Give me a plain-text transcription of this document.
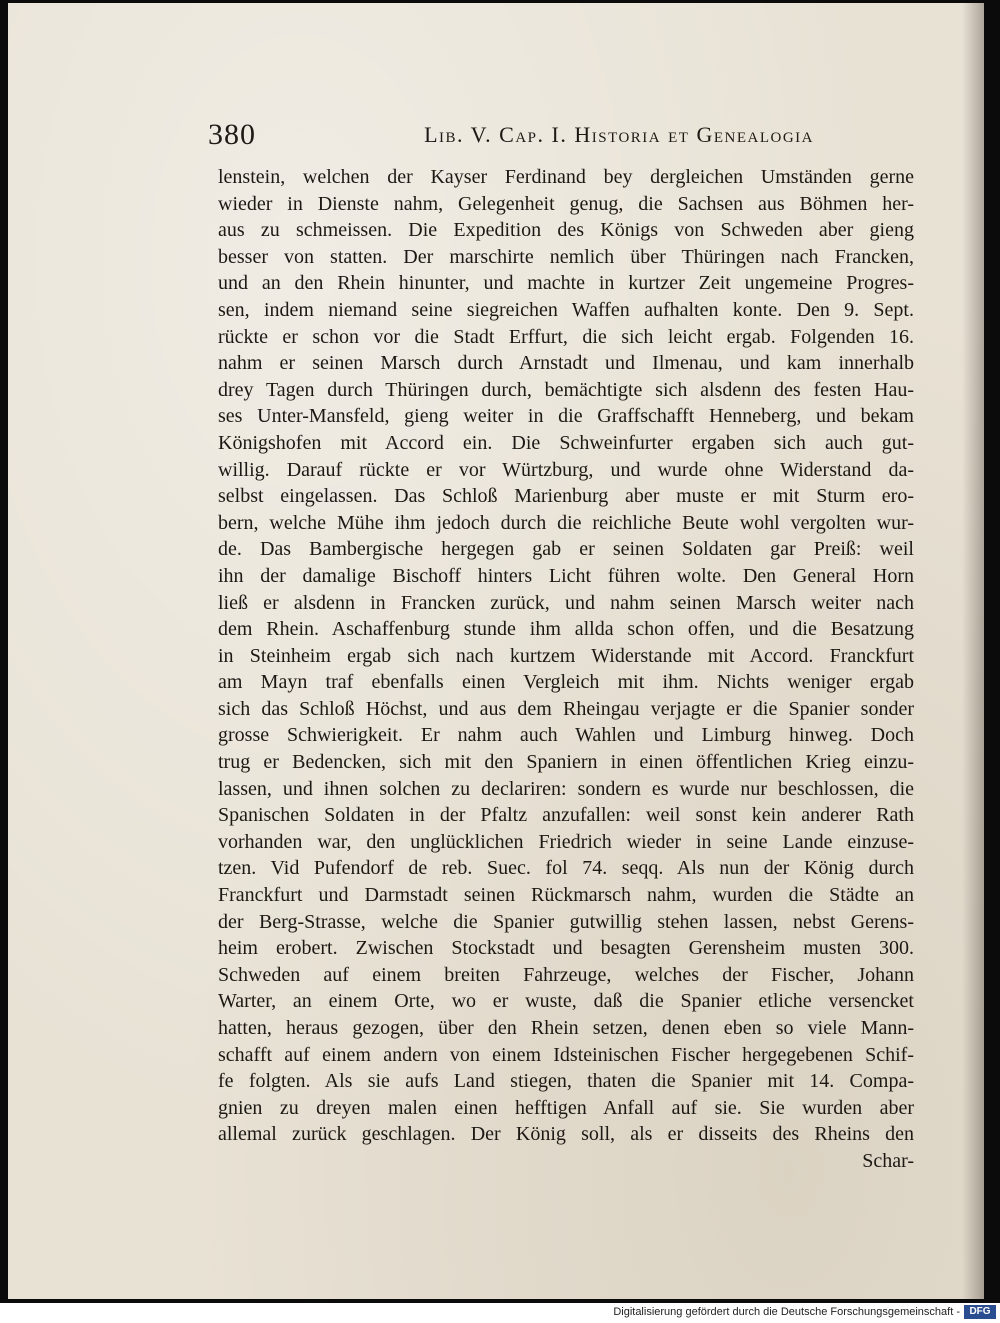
380	Lib. V. Cap. I. Historia et Genealogia
lenstein, welchen der Kayser Ferdinand bey dergleichen Umständen gerne
wieder in Dienste nahm, Gelegenheit genug, die Sachsen aus Böhmen her-
aus zu schmeissen. Die Expedition des Königs von Schweden aber gieng
besser von statten. Der marschirte nemlich über Thüringen nach Francken,
und an den Rhein hinunter, und machte in kurtzer Zeit ungemeine Progres-
sen, indem niemand seine siegreichen Waffen aufhalten konte. Den 9. Sept.
rückte er schon vor die Stadt Erffurt, die sich leicht ergab. Folgenden 16.
nahm er seinen Marsch durch Arnstadt und Ilmenau, und kam innerhalb
drey Tagen durch Thüringen durch, bemächtigte sich alsdenn des festen Hau-
ses Unter-Mansfeld, gieng weiter in die Graffschafft Henneberg, und bekam
Königshofen mit Accord ein. Die Schweinfurter ergaben sich auch gut-
willig. Darauf rückte er vor Würtzburg, und wurde ohne Widerstand da-
selbst eingelassen. Das Schloß Marienburg aber muste er mit Sturm ero-
bern, welche Mühe ihm jedoch durch die reichliche Beute wohl vergolten wur-
de. Das Bambergische hergegen gab er seinen Soldaten gar Preiß: weil
ihn der damalige Bischoff hinters Licht führen wolte. Den General Horn
ließ er alsdenn in Francken zurück, und nahm seinen Marsch weiter nach
dem Rhein. Aschaffenburg stunde ihm allda schon offen, und die Besatzung
in Steinheim ergab sich nach kurtzem Widerstande mit Accord. Franckfurt
am Mayn traf ebenfalls einen Vergleich mit ihm. Nichts weniger ergab
sich das Schloß Höchst, und aus dem Rheingau verjagte er die Spanier sonder
grosse Schwierigkeit. Er nahm auch Wahlen und Limburg hinweg. Doch
trug er Bedencken, sich mit den Spaniern in einen öffentlichen Krieg einzu-
lassen, und ihnen solchen zu declariren: sondern es wurde nur beschlossen, die
Spanischen Soldaten in der Pfaltz anzufallen: weil sonst kein anderer Rath
vorhanden war, den unglücklichen Friedrich wieder in seine Lande einzuse-
tzen. Vid Pufendorf de reb. Suec. fol 74. seqq. Als nun der König durch
Franckfurt und Darmstadt seinen Rückmarsch nahm, wurden die Städte an
der Berg-Strasse, welche die Spanier gutwillig stehen lassen, nebst Gerens-
heim erobert. Zwischen Stockstadt und besagten Gerensheim musten 300.
Schweden auf einem breiten Fahrzeuge, welches der Fischer, Johann
Warter, an einem Orte, wo er wuste, daß die Spanier etliche versencket
hatten, heraus gezogen, über den Rhein setzen, denen eben so viele Mann-
schafft auf einem andern von einem Idsteinischen Fischer hergegebenen Schif-
fe folgten. Als sie aufs Land stiegen, thaten die Spanier mit 14. Compa-
gnien zu dreyen malen einen hefftigen Anfall auf sie. Sie wurden aber
allemal zurück geschlagen. Der König soll, als er disseits des Rheins den
Schar-
Digitalisierung gefördert durch die Deutsche Forschungsgemeinschaft - DFG
